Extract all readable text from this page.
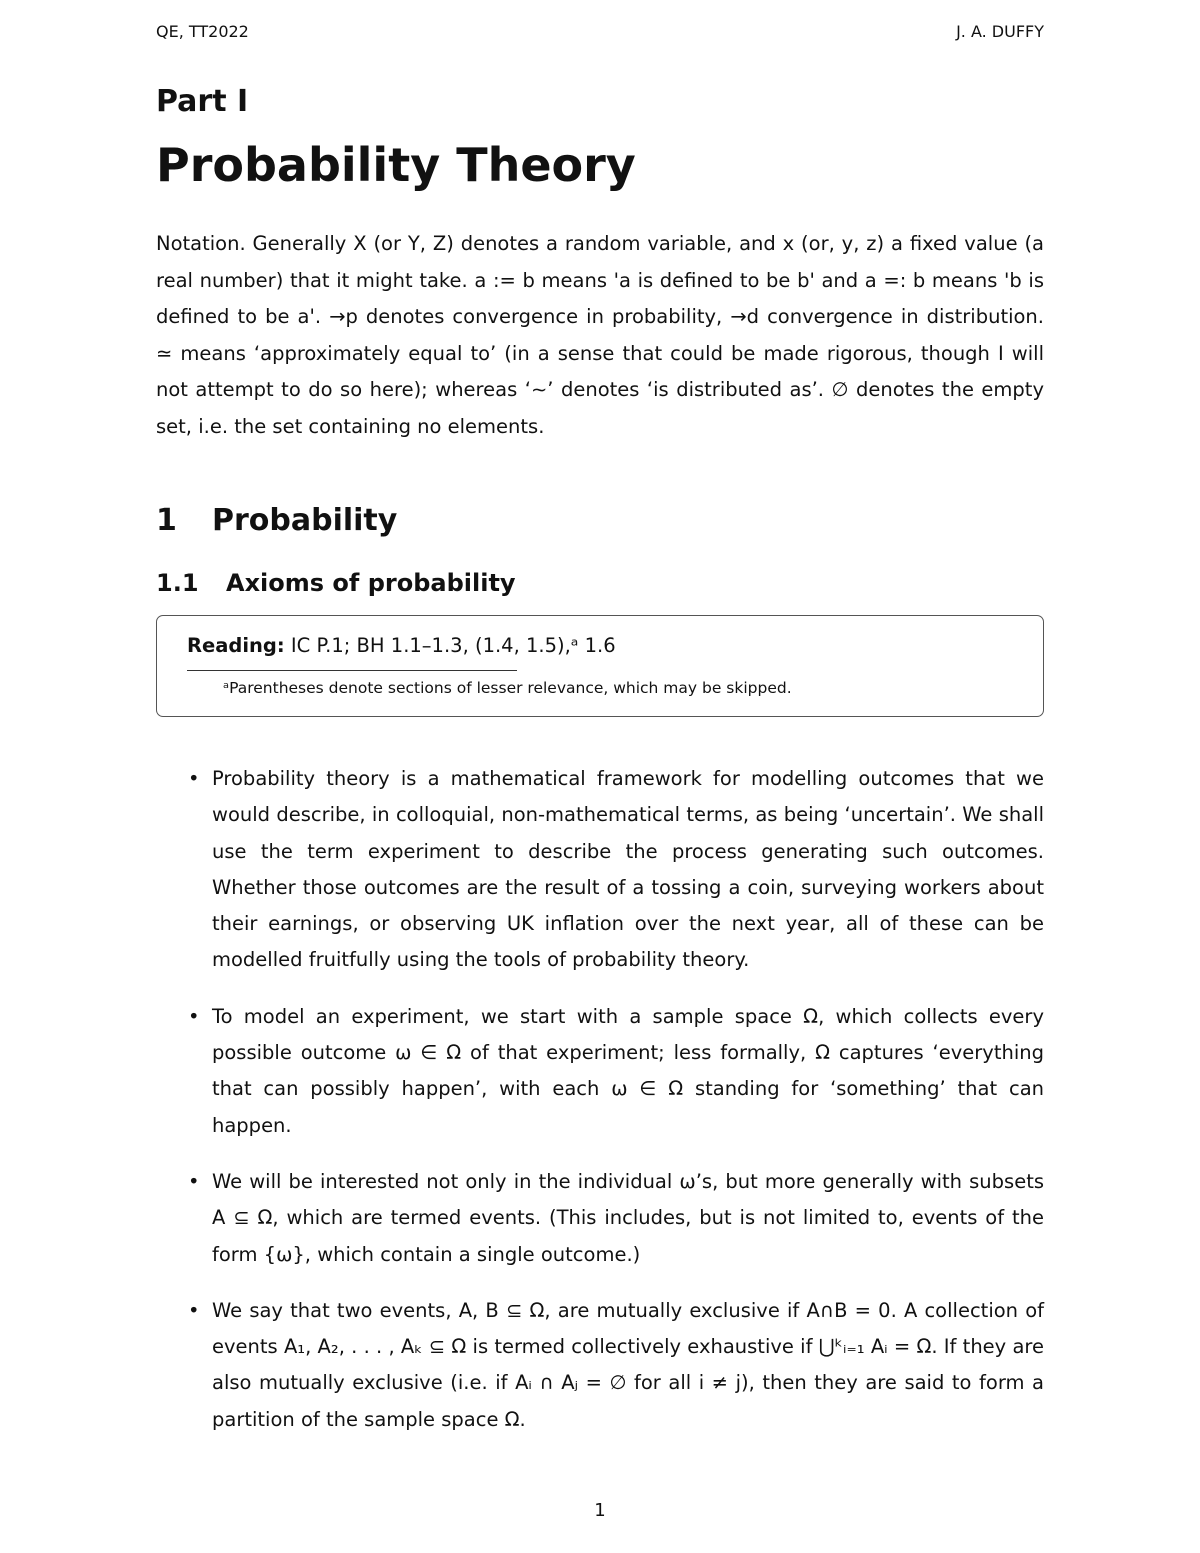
QE, TT2022	J. A. DUFFY
Part I
Probability Theory

Notation. Generally X (or Y, Z) denotes a random variable, and x (or, y, z) a fixed value (a real number) that it might take. a := b means 'a is defined to be b' and a =: b means 'b is defined to be a'. →p denotes convergence in probability, →d convergence in distribution. ≃ means ‘approximately equal to’ (in a sense that could be made rigorous, though I will not attempt to do so here); whereas ‘∼’ denotes ‘is distributed as’. ∅ denotes the empty set, i.e. the set containing no elements.

1 Probability
1.1 Axioms of probability
Reading: IC P.1; BH 1.1–1.3, (1.4, 1.5),ᵃ 1.6
ᵃParentheses denote sections of lesser relevance, which may be skipped.
• Probability theory is a mathematical framework for modelling outcomes that we would describe, in colloquial, non-mathematical terms, as being ‘uncertain’. We shall use the term experiment to describe the process generating such outcomes. Whether those outcomes are the result of a tossing a coin, surveying workers about their earnings, or observing UK inflation over the next year, all of these can be modelled fruitfully using the tools of probability theory.
• To model an experiment, we start with a sample space Ω, which collects every possible outcome ω ∈ Ω of that experiment; less formally, Ω captures ‘everything that can possibly happen’, with each ω ∈ Ω standing for ‘something’ that can happen.
• We will be interested not only in the individual ω’s, but more generally with subsets A ⊆ Ω, which are termed events. (This includes, but is not limited to, events of the form {ω}, which contain a single outcome.)
• We say that two events, A, B ⊆ Ω, are mutually exclusive if A∩B = 0. A collection of events A₁, A₂, . . . , Aₖ ⊆ Ω is termed collectively exhaustive if ⋃ᵏᵢ₌₁ Aᵢ = Ω. If they are also mutually exclusive (i.e. if Aᵢ ∩ Aⱼ = ∅ for all i ≠ j), then they are said to form a partition of the sample space Ω.
1
